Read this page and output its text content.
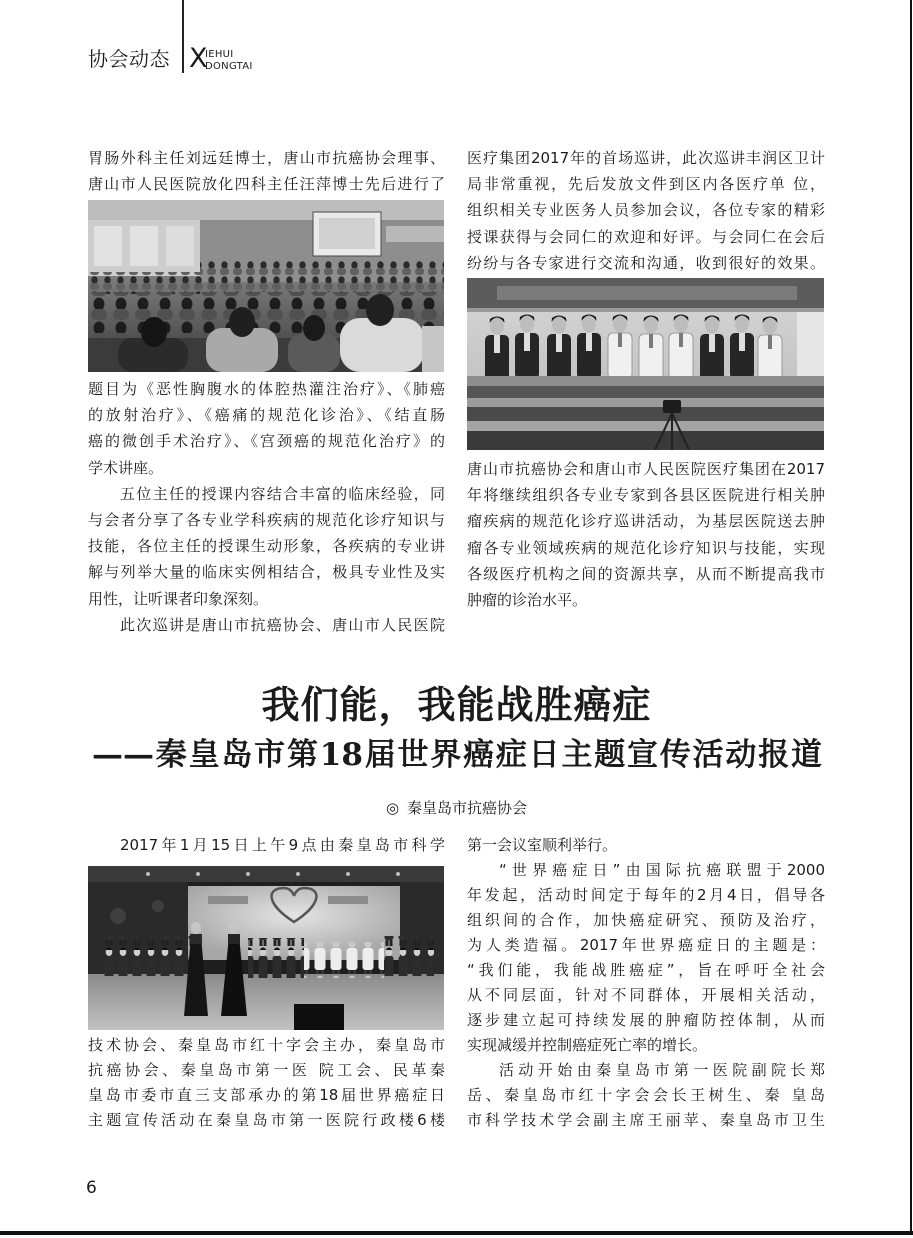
协会动态 X
IEHUI
DONGTAI
胃肠外科主任刘远廷博士，唐山市抗癌协会理事、
唐山市人民医院放化四科主任汪萍博士先后进行了
题目为《恶性胸腹水的体腔热灌注治疗》、《肺癌
的放射治疗》、《癌痛的规范化诊治》、《结直肠
癌的微创手术治疗》、《宫颈癌的规范化治疗》的
学术讲座。
五位主任的授课内容结合丰富的临床经验，同
与会者分享了各专业学科疾病的规范化诊疗知识与
技能，各位主任的授课生动形象，各疾病的专业讲
解与列举大量的临床实例相结合，极具专业性及实
用性，让听课者印象深刻。
此次巡讲是唐山市抗癌协会、唐山市人民医院
医疗集团2017年的首场巡讲，此次巡讲丰润区卫计
局非常重视，先后发放文件到区内各医疗单 位，
组织相关专业医务人员参加会议，各位专家的精彩
授课获得与会同仁的欢迎和好评。与会同仁在会后
纷纷与各专家进行交流和沟通，收到很好的效果。
唐山市抗癌协会和唐山市人民医院医疗集团在2017
年将继续组织各专业专家到各县区医院进行相关肿
瘤疾病的规范化诊疗巡讲活动，为基层医院送去肿
瘤各专业领域疾病的规范化诊疗知识与技能，实现
各级医疗机构之间的资源共享，从而不断提高我市
肿瘤的诊治水平。
我们能，我能战胜癌症
——秦皇岛市第18届世界癌症日主题宣传活动报道
◎ 秦皇岛市抗癌协会
2017年1月15日上午9点由秦皇岛市科学
技术协会、秦皇岛市红十字会主办，秦皇岛市
抗癌协会、秦皇岛市第一医 院工会、民革秦
皇岛市委市直三支部承办的第18届世界癌症日
主题宣传活动在秦皇岛市第一医院行政楼6楼
第一会议室顺利举行。
“世界癌症日”由国际抗癌联盟于2000
年发起，活动时间定于每年的2月4日，倡导各
组织间的合作，加快癌症研究、预防及治疗，
为人类造福。2017年世界癌症日的主题是：
“我们能，我能战胜癌症”，旨在呼吁全社会
从不同层面，针对不同群体，开展相关活动，
逐步建立起可持续发展的肿瘤防控体制，从而
实现减缓并控制癌症死亡率的增长。
活动开始由秦皇岛市第一医院副院长郑
岳、秦皇岛市红十字会会长王树生、秦 皇岛
市科学技术学会副主席王丽苹、秦皇岛市卫生
6
